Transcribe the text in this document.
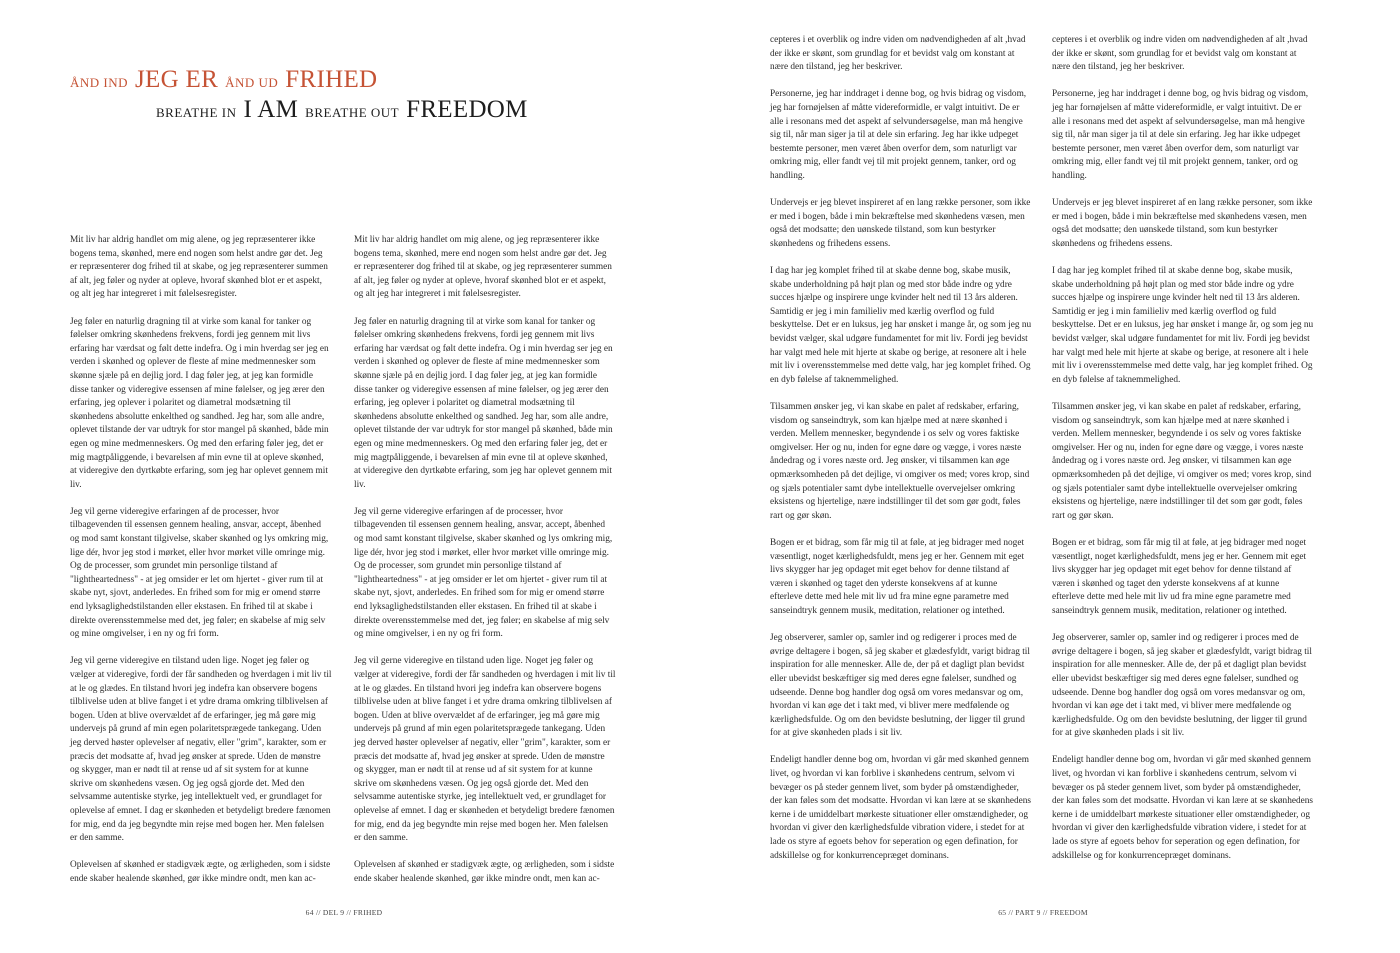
ÅND IND JEG ER ÅND UD FRIHED
BREATHE IN I AM BREATHE OUT FREEDOM

Mit liv har aldrig handlet om mig alene, og jeg repræsenterer ikke bogens tema, skønhed, mere end nogen som helst andre gør det. Jeg er repræsenterer dog frihed til at skabe, og jeg repræsenterer summen af alt, jeg føler og nyder at opleve, hvoraf skønhed blot er et aspekt, og alt jeg har integreret i mit følelsesregister.

Jeg føler en naturlig dragning til at virke som kanal for tanker og følelser omkring skønhedens frekvens, fordi jeg gennem mit livs erfaring har værdsat og følt dette indefra. Og i min hverdag ser jeg en verden i skønhed og oplever de fleste af mine medmennesker som skønne sjæle på en dejlig jord. I dag føler jeg, at jeg kan formidle disse tanker og videregive essensen af mine følelser, og jeg ærer den erfaring, jeg oplever i polaritet og diametral modsætning til skønhedens absolutte enkelthed og sandhed. Jeg har, som alle andre, oplevet tilstande der var udtryk for stor mangel på skønhed, både min egen og mine medmenneskers. Og med den erfaring føler jeg, det er mig magtpåliggende, i bevarelsen af min evne til at opleve skønhed, at videregive den dyrtkøbte erfaring, som jeg har oplevet gennem mit liv.

Jeg vil gerne videregive erfaringen af de processer, hvor tilbagevenden til essensen gennem healing, ansvar, accept, åbenhed og mod samt konstant tilgivelse, skaber skønhed og lys omkring mig, lige dér, hvor jeg stod i mørket, eller hvor mørket ville omringe mig. Og de processer, som grundet min personlige tilstand af "lightheartedness" - at jeg omsider er let om hjertet - giver rum til at skabe nyt, sjovt, anderledes. En frihed som for mig er omend større end lyksaglighedstilstanden eller ekstasen. En frihed til at skabe i direkte overensstemmelse med det, jeg føler; en skabelse af mig selv og mine omgivelser, i en ny og fri form.

Jeg vil gerne videregive en tilstand uden lige. Noget jeg føler og vælger at videregive, fordi der får sandheden og hverdagen i mit liv til at le og glædes. En tilstand hvori jeg indefra kan observere bogens tilblivelse uden at blive fanget i et ydre drama omkring tilblivelsen af bogen. Uden at blive overvældet af de erfaringer, jeg må gøre mig undervejs på grund af min egen polaritetsprægede tankegang. Uden jeg derved høster oplevelser af negativ, eller "grim", karakter, som er præcis det modsatte af, hvad jeg ønsker at sprede. Uden de mønstre og skygger, man er nødt til at rense ud af sit system for at kunne skrive om skønhedens væsen. Og jeg også gjorde det. Med den selvsamme autentiske styrke, jeg intellektuelt ved, er grundlaget for oplevelse af emnet. I dag er skønheden et betydeligt bredere fænomen for mig, end da jeg begyndte min rejse med bogen her. Men følelsen er den samme.

Oplevelsen af skønhed er stadigvæk ægte, og ærligheden, som i sidste ende skaber healende skønhed, gør ikke mindre ondt, men kan ac-

Mit liv har aldrig handlet om mig alene, og jeg repræsenterer ikke bogens tema, skønhed, mere end nogen som helst andre gør det. Jeg er repræsenterer dog frihed til at skabe, og jeg repræsenterer summen af alt, jeg føler og nyder at opleve, hvoraf skønhed blot er et aspekt, og alt jeg har integreret i mit følelsesregister.

Jeg føler en naturlig dragning til at virke som kanal for tanker og følelser omkring skønhedens frekvens, fordi jeg gennem mit livs erfaring har værdsat og følt dette indefra. Og i min hverdag ser jeg en verden i skønhed og oplever de fleste af mine medmennesker som skønne sjæle på en dejlig jord. I dag føler jeg, at jeg kan formidle disse tanker og videregive essensen af mine følelser, og jeg ærer den erfaring, jeg oplever i polaritet og diametral modsætning til skønhedens absolutte enkelthed og sandhed. Jeg har, som alle andre, oplevet tilstande der var udtryk for stor mangel på skønhed, både min egen og mine medmenneskers. Og med den erfaring føler jeg, det er mig magtpåliggende, i bevarelsen af min evne til at opleve skønhed, at videregive den dyrtkøbte erfaring, som jeg har oplevet gennem mit liv.

Jeg vil gerne videregive erfaringen af de processer, hvor tilbagevenden til essensen gennem healing, ansvar, accept, åbenhed og mod samt konstant tilgivelse, skaber skønhed og lys omkring mig, lige dér, hvor jeg stod i mørket, eller hvor mørket ville omringe mig. Og de processer, som grundet min personlige tilstand af "lightheartedness" - at jeg omsider er let om hjertet - giver rum til at skabe nyt, sjovt, anderledes. En frihed som for mig er omend større end lyksaglighedstilstanden eller ekstasen. En frihed til at skabe i direkte overensstemmelse med det, jeg føler; en skabelse af mig selv og mine omgivelser, i en ny og fri form.

Jeg vil gerne videregive en tilstand uden lige. Noget jeg føler og vælger at videregive, fordi der får sandheden og hverdagen i mit liv til at le og glædes. En tilstand hvori jeg indefra kan observere bogens tilblivelse uden at blive fanget i et ydre drama omkring tilblivelsen af bogen. Uden at blive overvældet af de erfaringer, jeg må gøre mig undervejs på grund af min egen polaritetsprægede tankegang. Uden jeg derved høster oplevelser af negativ, eller "grim", karakter, som er præcis det modsatte af, hvad jeg ønsker at sprede. Uden de mønstre og skygger, man er nødt til at rense ud af sit system for at kunne skrive om skønhedens væsen. Og jeg også gjorde det. Med den selvsamme autentiske styrke, jeg intellektuelt ved, er grundlaget for oplevelse af emnet. I dag er skønheden et betydeligt bredere fænomen for mig, end da jeg begyndte min rejse med bogen her. Men følelsen er den samme.

Oplevelsen af skønhed er stadigvæk ægte, og ærligheden, som i sidste ende skaber healende skønhed, gør ikke mindre ondt, men kan ac-

64 // DEL 9 // FRIHED

cepteres i et overblik og indre viden om nødvendigheden af alt ,hvad der ikke er skønt, som grundlag for et bevidst valg om konstant at nære den tilstand, jeg her beskriver.

Personerne, jeg har inddraget i denne bog, og hvis bidrag og visdom, jeg har fornøjelsen af måtte videreformidle, er valgt intuitivt. De er alle i resonans med det aspekt af selvundersøgelse, man må hengive sig til, når man siger ja til at dele sin erfaring. Jeg har ikke udpeget bestemte personer, men været åben overfor dem, som naturligt var omkring mig, eller fandt vej til mit projekt gennem, tanker, ord og handling.

Undervejs er jeg blevet inspireret af en lang række personer, som ikke er med i bogen, både i min bekræftelse med skønhedens væsen, men også det modsatte; den uønskede tilstand, som kun bestyrker skønhedens og frihedens essens.

I dag har jeg komplet frihed til at skabe denne bog, skabe musik, skabe underholdning på højt plan og med stor både indre og ydre succes hjælpe og inspirere unge kvinder helt ned til 13 års alderen. Samtidig er jeg i min familieliv med kærlig overflod og fuld beskyttelse. Det er en luksus, jeg har ønsket i mange år, og som jeg nu bevidst vælger, skal udgøre fundamentet for mit liv. Fordi jeg bevidst har valgt med hele mit hjerte at skabe og berige, at resonere alt i hele mit liv i overensstemmelse med dette valg, har jeg komplet frihed. Og en dyb følelse af taknemmelighed.

Tilsammen ønsker jeg, vi kan skabe en palet af redskaber, erfaring, visdom og sanseindtryk, som kan hjælpe med at nære skønhed i verden. Mellem mennesker, begyndende i os selv og vores faktiske omgivelser. Her og nu, inden for egne døre og vægge, i vores næste åndedrag og i vores næste ord. Jeg ønsker, vi tilsammen kan øge opmærksomheden på det dejlige, vi omgiver os med; vores krop, sind og sjæls potentialer samt dybe intellektuelle overvejelser omkring eksistens og hjertelige, nære indstillinger til det som gør godt, føles rart og gør skøn.

Bogen er et bidrag, som får mig til at føle, at jeg bidrager med noget væsentligt, noget kærlighedsfuldt, mens jeg er her. Gennem mit eget livs skygger har jeg opdaget mit eget behov for denne tilstand af væren i skønhed og taget den yderste konsekvens af at kunne efterleve dette med hele mit liv ud fra mine egne parametre med sanseindtryk gennem musik, meditation, relationer og intethed.

Jeg observerer, samler op, samler ind og redigerer i proces med de øvrige deltagere i bogen, så jeg skaber et glædesfyldt, varigt bidrag til inspiration for alle mennesker. Alle de, der på et dagligt plan bevidst eller ubevidst beskæftiger sig med deres egne følelser, sundhed og udseende. Denne bog handler dog også om vores medansvar og om, hvordan vi kan øge det i takt med, vi bliver mere medfølende og kærlighedsfulde. Og om den bevidste beslutning, der ligger til grund for at give skønheden plads i sit liv.

Endeligt handler denne bog om, hvordan vi går med skønhed gennem livet, og hvordan vi kan forblive i skønhedens centrum, selvom vi bevæger os på steder gennem livet, som byder på omstændigheder, der kan føles som det modsatte. Hvordan vi kan lære at se skønhedens kerne i de umiddelbart mørkeste situationer eller omstændigheder, og hvordan vi giver den kærlighedsfulde vibration videre, i stedet for at lade os styre af egoets behov for seperation og egen defination, for adskillelse og for konkurrencepræget dominans.

cepteres i et overblik og indre viden om nødvendigheden af alt ,hvad der ikke er skønt, som grundlag for et bevidst valg om konstant at nære den tilstand, jeg her beskriver.

Personerne, jeg har inddraget i denne bog, og hvis bidrag og visdom, jeg har fornøjelsen af måtte videreformidle, er valgt intuitivt. De er alle i resonans med det aspekt af selvundersøgelse, man må hengive sig til, når man siger ja til at dele sin erfaring. Jeg har ikke udpeget bestemte personer, men været åben overfor dem, som naturligt var omkring mig, eller fandt vej til mit projekt gennem, tanker, ord og handling.

Undervejs er jeg blevet inspireret af en lang række personer, som ikke er med i bogen, både i min bekræftelse med skønhedens væsen, men også det modsatte; den uønskede tilstand, som kun bestyrker skønhedens og frihedens essens.

I dag har jeg komplet frihed til at skabe denne bog, skabe musik, skabe underholdning på højt plan og med stor både indre og ydre succes hjælpe og inspirere unge kvinder helt ned til 13 års alderen. Samtidig er jeg i min familieliv med kærlig overflod og fuld beskyttelse. Det er en luksus, jeg har ønsket i mange år, og som jeg nu bevidst vælger, skal udgøre fundamentet for mit liv. Fordi jeg bevidst har valgt med hele mit hjerte at skabe og berige, at resonere alt i hele mit liv i overensstemmelse med dette valg, har jeg komplet frihed. Og en dyb følelse af taknemmelighed.

Tilsammen ønsker jeg, vi kan skabe en palet af redskaber, erfaring, visdom og sanseindtryk, som kan hjælpe med at nære skønhed i verden. Mellem mennesker, begyndende i os selv og vores faktiske omgivelser. Her og nu, inden for egne døre og vægge, i vores næste åndedrag og i vores næste ord. Jeg ønsker, vi tilsammen kan øge opmærksomheden på det dejlige, vi omgiver os med; vores krop, sind og sjæls potentialer samt dybe intellektuelle overvejelser omkring eksistens og hjertelige, nære indstillinger til det som gør godt, føles rart og gør skøn.

Bogen er et bidrag, som får mig til at føle, at jeg bidrager med noget væsentligt, noget kærlighedsfuldt, mens jeg er her. Gennem mit eget livs skygger har jeg opdaget mit eget behov for denne tilstand af væren i skønhed og taget den yderste konsekvens af at kunne efterleve dette med hele mit liv ud fra mine egne parametre med sanseindtryk gennem musik, meditation, relationer og intethed.

Jeg observerer, samler op, samler ind og redigerer i proces med de øvrige deltagere i bogen, så jeg skaber et glædesfyldt, varigt bidrag til inspiration for alle mennesker. Alle de, der på et dagligt plan bevidst eller ubevidst beskæftiger sig med deres egne følelser, sundhed og udseende. Denne bog handler dog også om vores medansvar og om, hvordan vi kan øge det i takt med, vi bliver mere medfølende og kærlighedsfulde. Og om den bevidste beslutning, der ligger til grund for at give skønheden plads i sit liv.

Endeligt handler denne bog om, hvordan vi går med skønhed gennem livet, og hvordan vi kan forblive i skønhedens centrum, selvom vi bevæger os på steder gennem livet, som byder på omstændigheder, der kan føles som det modsatte. Hvordan vi kan lære at se skønhedens kerne i de umiddelbart mørkeste situationer eller omstændigheder, og hvordan vi giver den kærlighedsfulde vibration videre, i stedet for at lade os styre af egoets behov for seperation og egen defination, for adskillelse og for konkurrencepræget dominans.

65 // PART 9 // FREEDOM
